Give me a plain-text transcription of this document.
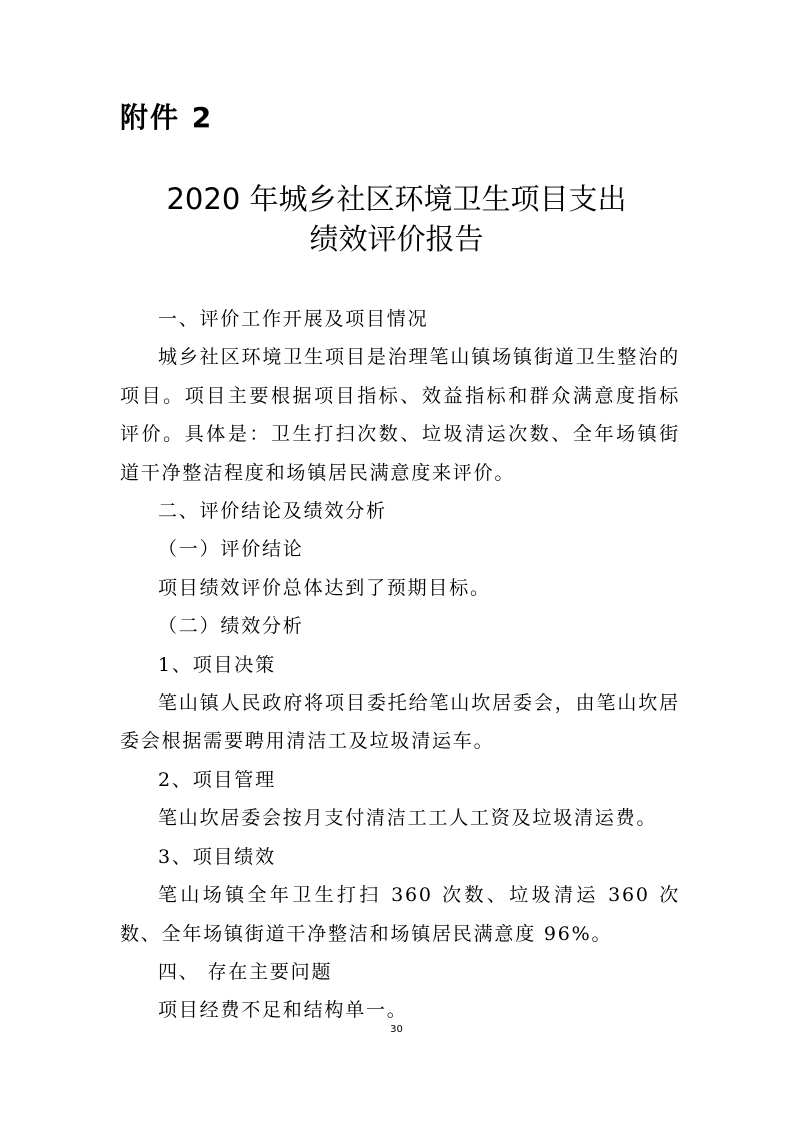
附件 2
2020 年城乡社区环境卫生项目支出
绩效评价报告

一、评价工作开展及项目情况

城乡社区环境卫生项目是治理笔山镇场镇街道卫生整治的项目。项目主要根据项目指标、效益指标和群众满意度指标评价。具体是：卫生打扫次数、垃圾清运次数、全年场镇街道干净整洁程度和场镇居民满意度来评价。

二、评价结论及绩效分析

（一）评价结论

项目绩效评价总体达到了预期目标。

（二）绩效分析

1、项目决策

笔山镇人民政府将项目委托给笔山坎居委会，由笔山坎居委会根据需要聘用清洁工及垃圾清运车。

2、项目管理

笔山坎居委会按月支付清洁工工人工资及垃圾清运费。

3、项目绩效

笔山场镇全年卫生打扫 360 次数、垃圾清运 360 次数、全年场镇街道干净整洁和场镇居民满意度 96%。

四、 存在主要问题

项目经费不足和结构单一。

30
